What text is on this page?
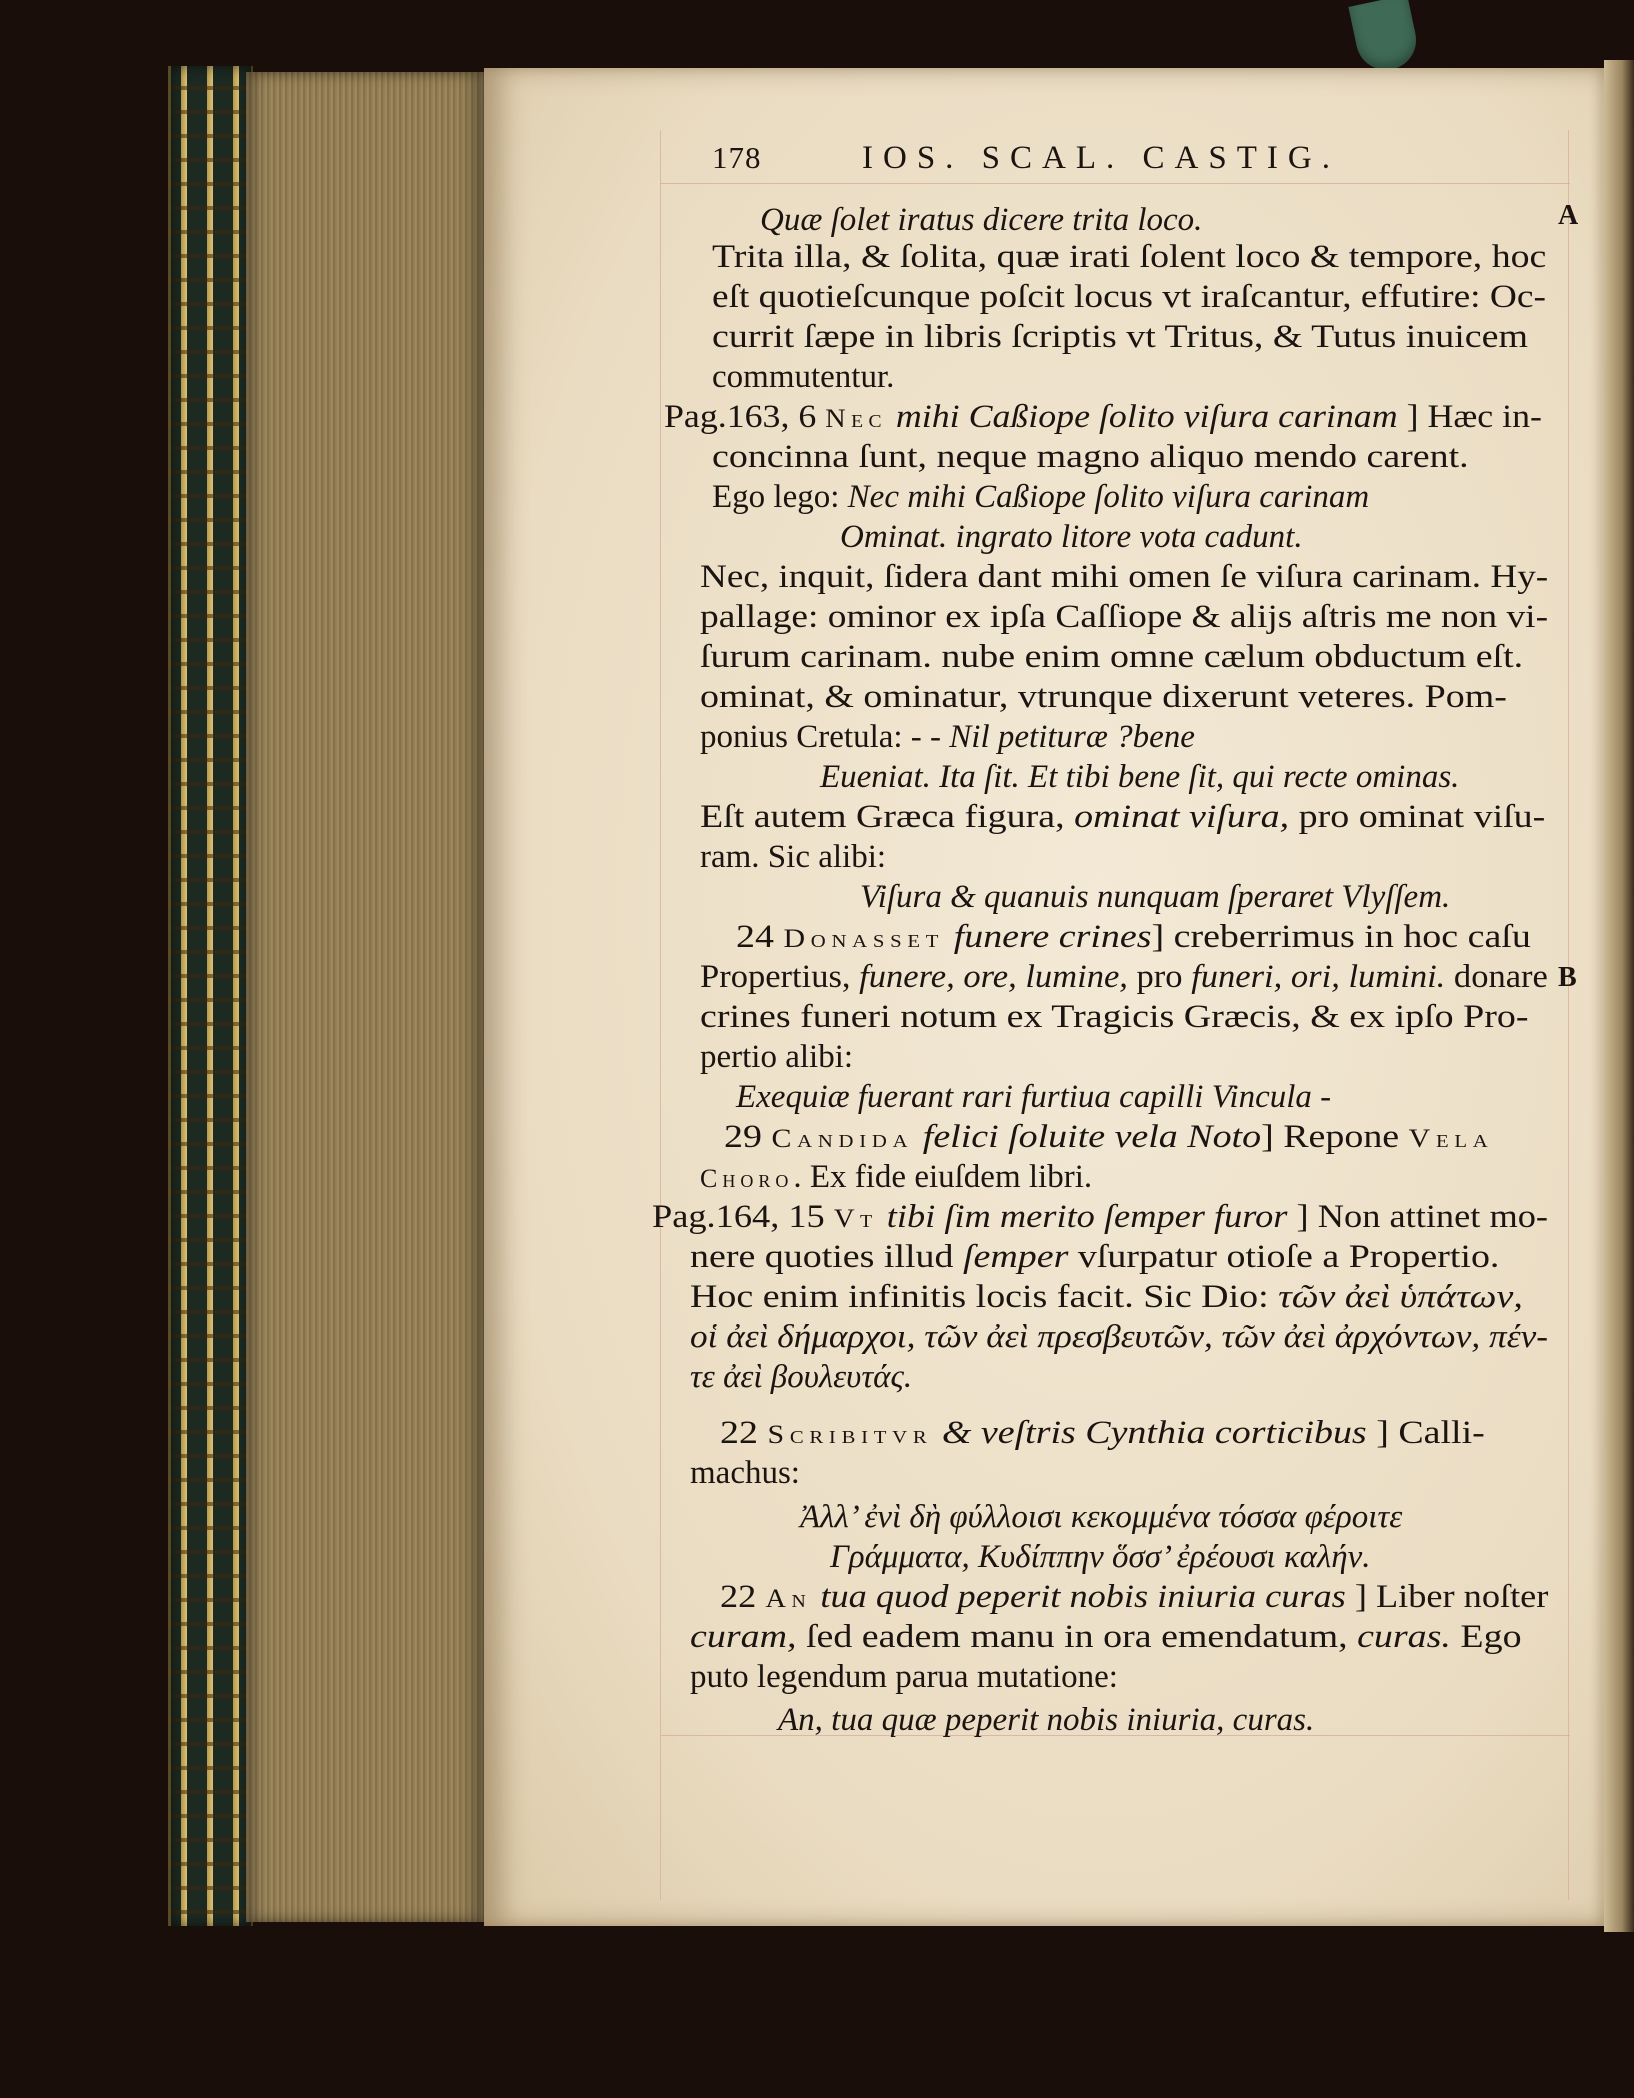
178	IOS. SCAL. CASTIG.
A
B
Quæ ſolet iratus dicere trita loco.
Trita illa, & ſolita, quæ irati ſolent loco & tempore, hoc
eſt quotieſcunque poſcit locus vt iraſcantur, effutire: Oc-
currit ſæpe in libris ſcriptis vt Tritus, & Tutus inuicem
commutentur.
Pag.163, 6 Nec mihi Caßiope ſolito viſura carinam ] Hæc in-
concinna ſunt, neque magno aliquo mendo carent.
Ego lego: Nec mihi Caßiope ſolito viſura carinam
Ominat. ingrato litore vota cadunt.
Nec, inquit, ſidera dant mihi omen ſe viſura carinam. Hy-
pallage: ominor ex ipſa Caſſiope & alijs aſtris me non vi-
ſurum carinam. nube enim omne cælum obductum eſt.
ominat, & ominatur, vtrunque dixerunt veteres. Pom-
ponius Cretula: - - Nil petituræ ?bene
Eueniat. Ita ſit. Et tibi bene ſit, qui recte ominas.
Eſt autem Græca figura, ominat viſura, pro ominat viſu-
ram. Sic alibi:
Viſura & quanuis nunquam ſperaret Vlyſſem.
24 Donasset funere crines] creberrimus in hoc caſu
Propertius, funere, ore, lumine, pro funeri, ori, lumini. donare
crines funeri notum ex Tragicis Græcis, & ex ipſo Pro-
pertio alibi:
Exequiæ fuerant rari furtiua capilli Vincula -
29 Candida felici ſoluite vela Noto] Repone Vela
Choro. Ex fide eiuſdem libri.
Pag.164, 15 Vt tibi ſim merito ſemper furor ] Non attinet mo-
nere quoties illud ſemper vſurpatur otioſe a Propertio.
Hoc enim infinitis locis facit. Sic Dio: τῶν ἀεὶ ὑπάτων,
οἱ ἀεὶ δήμαρχοι, τῶν ἀεὶ πρεσβευτῶν, τῶν ἀεὶ ἀρχόντων, πέν-
τε ἀεὶ βουλευτάς.
22 Scribitvr & veſtris Cynthia corticibus ] Calli-
machus:
Ἀλλ’ ἐνὶ δὴ φύλλοισι κεκομμένα τόσσα φέροιτε
Γράμματα, Κυδίππην ὅσσ’ ἐρέουσι καλήν.
22 An tua quod peperit nobis iniuria curas ] Liber noſter
curam, ſed eadem manu in ora emendatum, curas. Ego
puto legendum parua mutatione:
An, tua quæ peperit nobis iniuria, curas.
